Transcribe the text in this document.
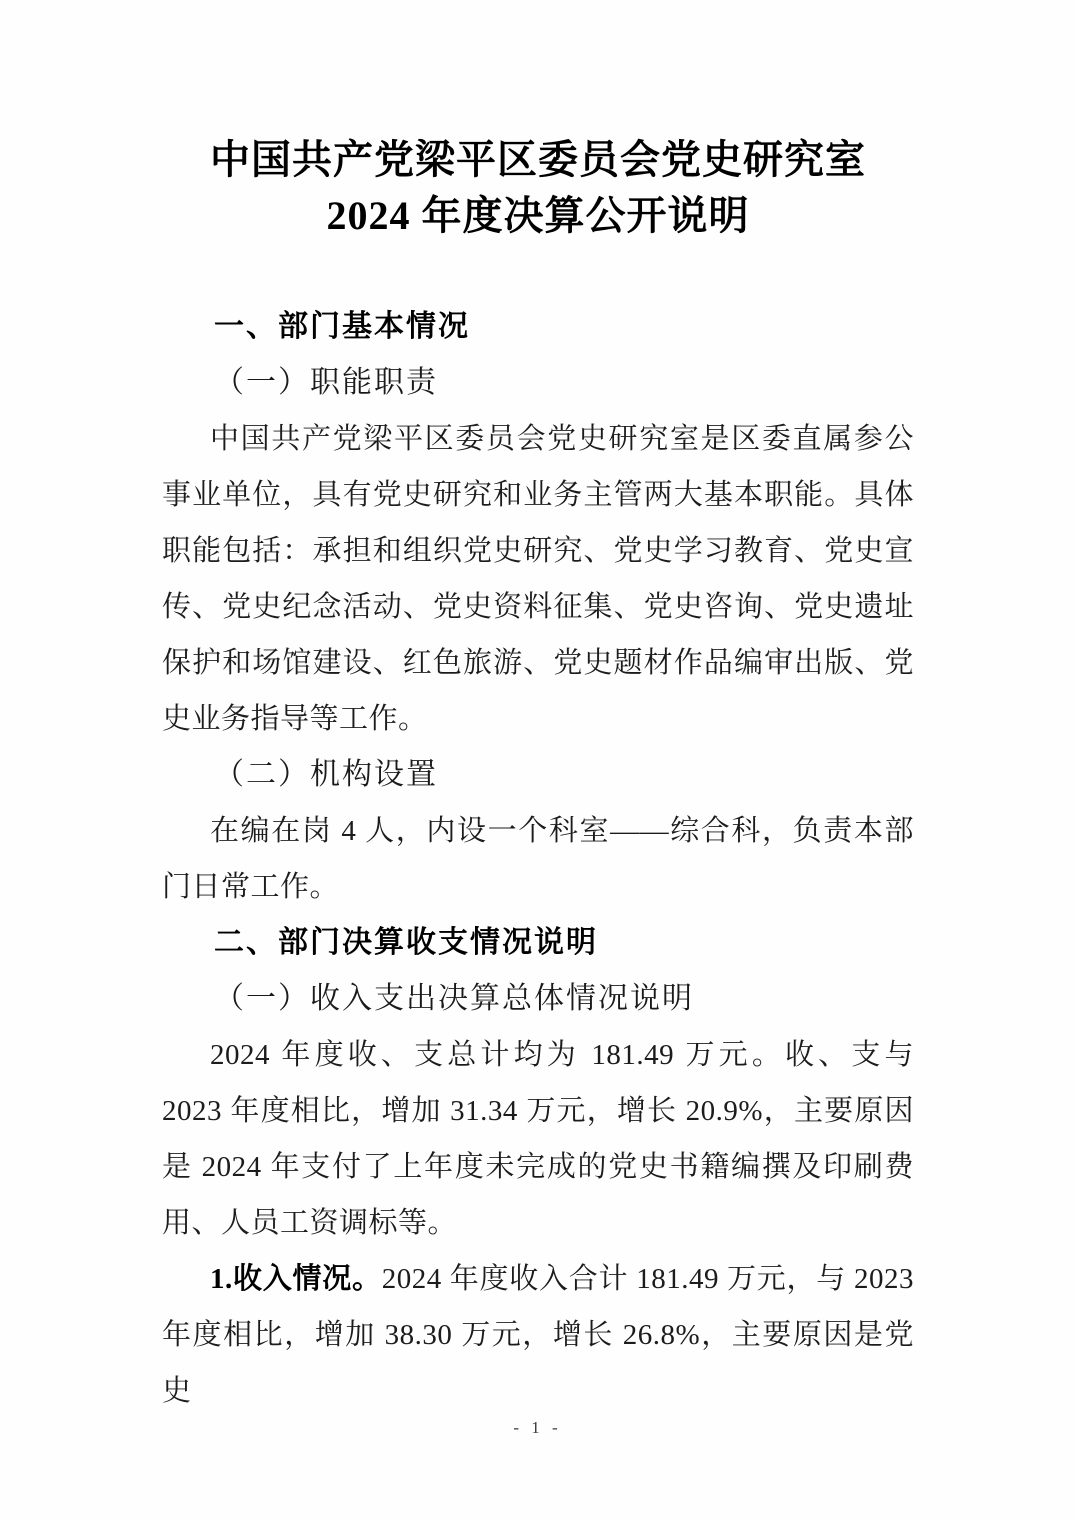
中国共产党梁平区委员会党史研究室
2024 年度决算公开说明
一、部门基本情况
（一）职能职责

中国共产党梁平区委员会党史研究室是区委直属参公事业单位，具有党史研究和业务主管两大基本职能。具体职能包括：承担和组织党史研究、党史学习教育、党史宣传、党史纪念活动、党史资料征集、党史咨询、党史遗址保护和场馆建设、红色旅游、党史题材作品编审出版、党史业务指导等工作。

（二）机构设置

在编在岗 4 人，内设一个科室——综合科，负责本部门日常工作。

二、部门决算收支情况说明
（一）收入支出决算总体情况说明

2024 年度收、支总计均为 181.49 万元。收、支与 2023 年度相比，增加 31.34 万元，增长 20.9%，主要原因是 2024 年支付了上年度未完成的党史书籍编撰及印刷费用、人员工资调标等。

1.收入情况。2024 年度收入合计 181.49 万元，与 2023 年度相比，增加 38.30 万元，增长 26.8%，主要原因是党史

- 1 -
